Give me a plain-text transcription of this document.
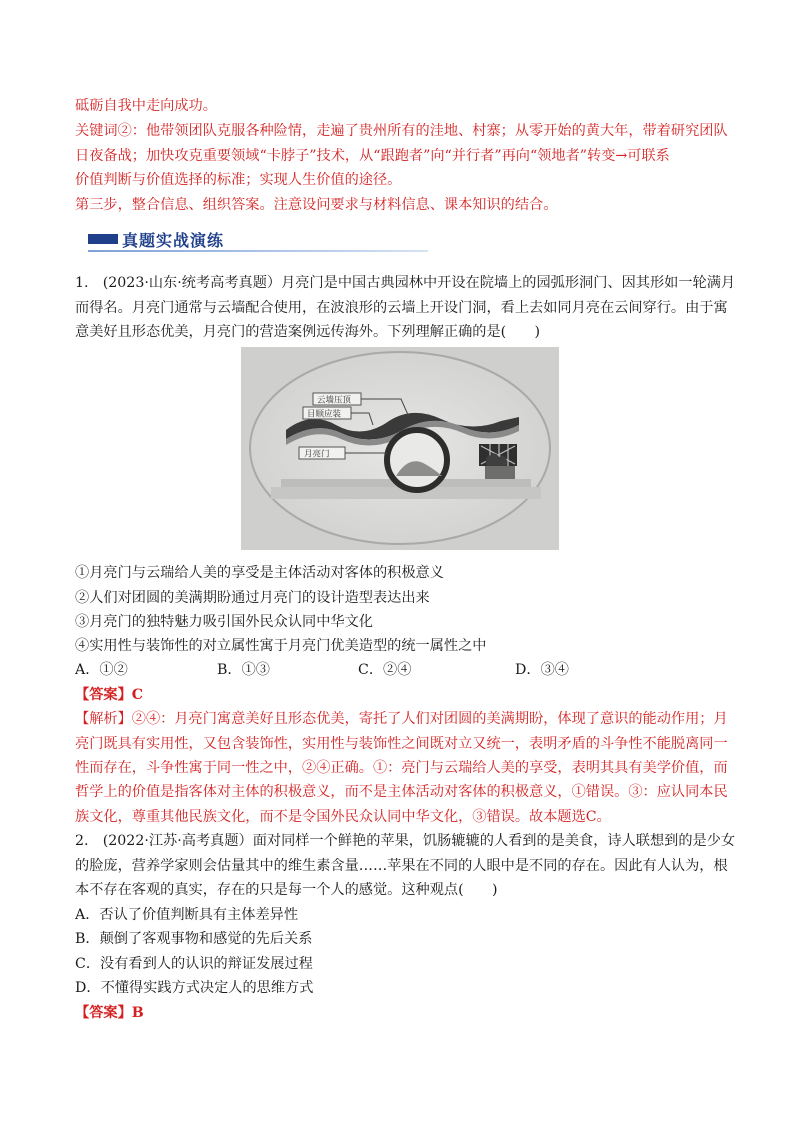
砥砺自我中走向成功。
关键词②：他带领团队克服各种险情，走遍了贵州所有的洼地、村寨；从零开始的黄大年，带着研究团队
日夜备战；加快攻克重要领域“卡脖子”技术，从“跟跑者”向“并行者”再向“领地者”转变→可联系
价值判断与价值选择的标准；实现人生价值的途径。
第三步，整合信息、组织答案。注意设问要求与材料信息、课本知识的结合。
真题实战演练
1.　(2023·山东·统考高考真题）月亮门是中国古典园林中开设在院墙上的园弧形洞门、因其形如一轮满月
而得名。月亮门通常与云墙配合使用，在波浪形的云墙上开设门洞，看上去如同月亮在云间穿行。由于寓
意美好且形态优美，月亮门的营造案例远传海外。下列理解正确的是(　　)
云墙压顶
目顺应装
月亮门
①月亮门与云瑞给人美的享受是主体活动对客体的积极意义
②人们对团圆的美满期盼通过月亮门的设计造型表达出来
③月亮门的独特魅力吸引国外民众认同中华文化
④实用性与装饰性的对立属性寓于月亮门优美造型的统一属性之中
A．①②	B．①③	C．②④	D．③④
【答案】C
【解析】②④：月亮门寓意美好且形态优美，寄托了人们对团圆的美满期盼，体现了意识的能动作用；月
亮门既具有实用性，又包含装饰性，实用性与装饰性之间既对立又统一，表明矛盾的斗争性不能脱离同一
性而存在，斗争性寓于同一性之中，②④正确。①：亮门与云瑞给人美的享受，表明其具有美学价值，而
哲学上的价值是指客体对主体的积极意义，而不是主体活动对客体的积极意义，①错误。③：应认同本民
族文化，尊重其他民族文化，而不是令国外民众认同中华文化，③错误。故本题选C。
2.　(2022·江苏·高考真题）面对同样一个鲜艳的苹果，饥肠辘辘的人看到的是美食，诗人联想到的是少女
的脸庞，营养学家则会估量其中的维生素含量……苹果在不同的人眼中是不同的存在。因此有人认为，根
本不存在客观的真实，存在的只是每一个人的感觉。这种观点(　　)
A．否认了价值判断具有主体差异性
B．颠倒了客观事物和感觉的先后关系
C．没有看到人的认识的辩证发展过程
D．不懂得实践方式决定人的思维方式
【答案】B
